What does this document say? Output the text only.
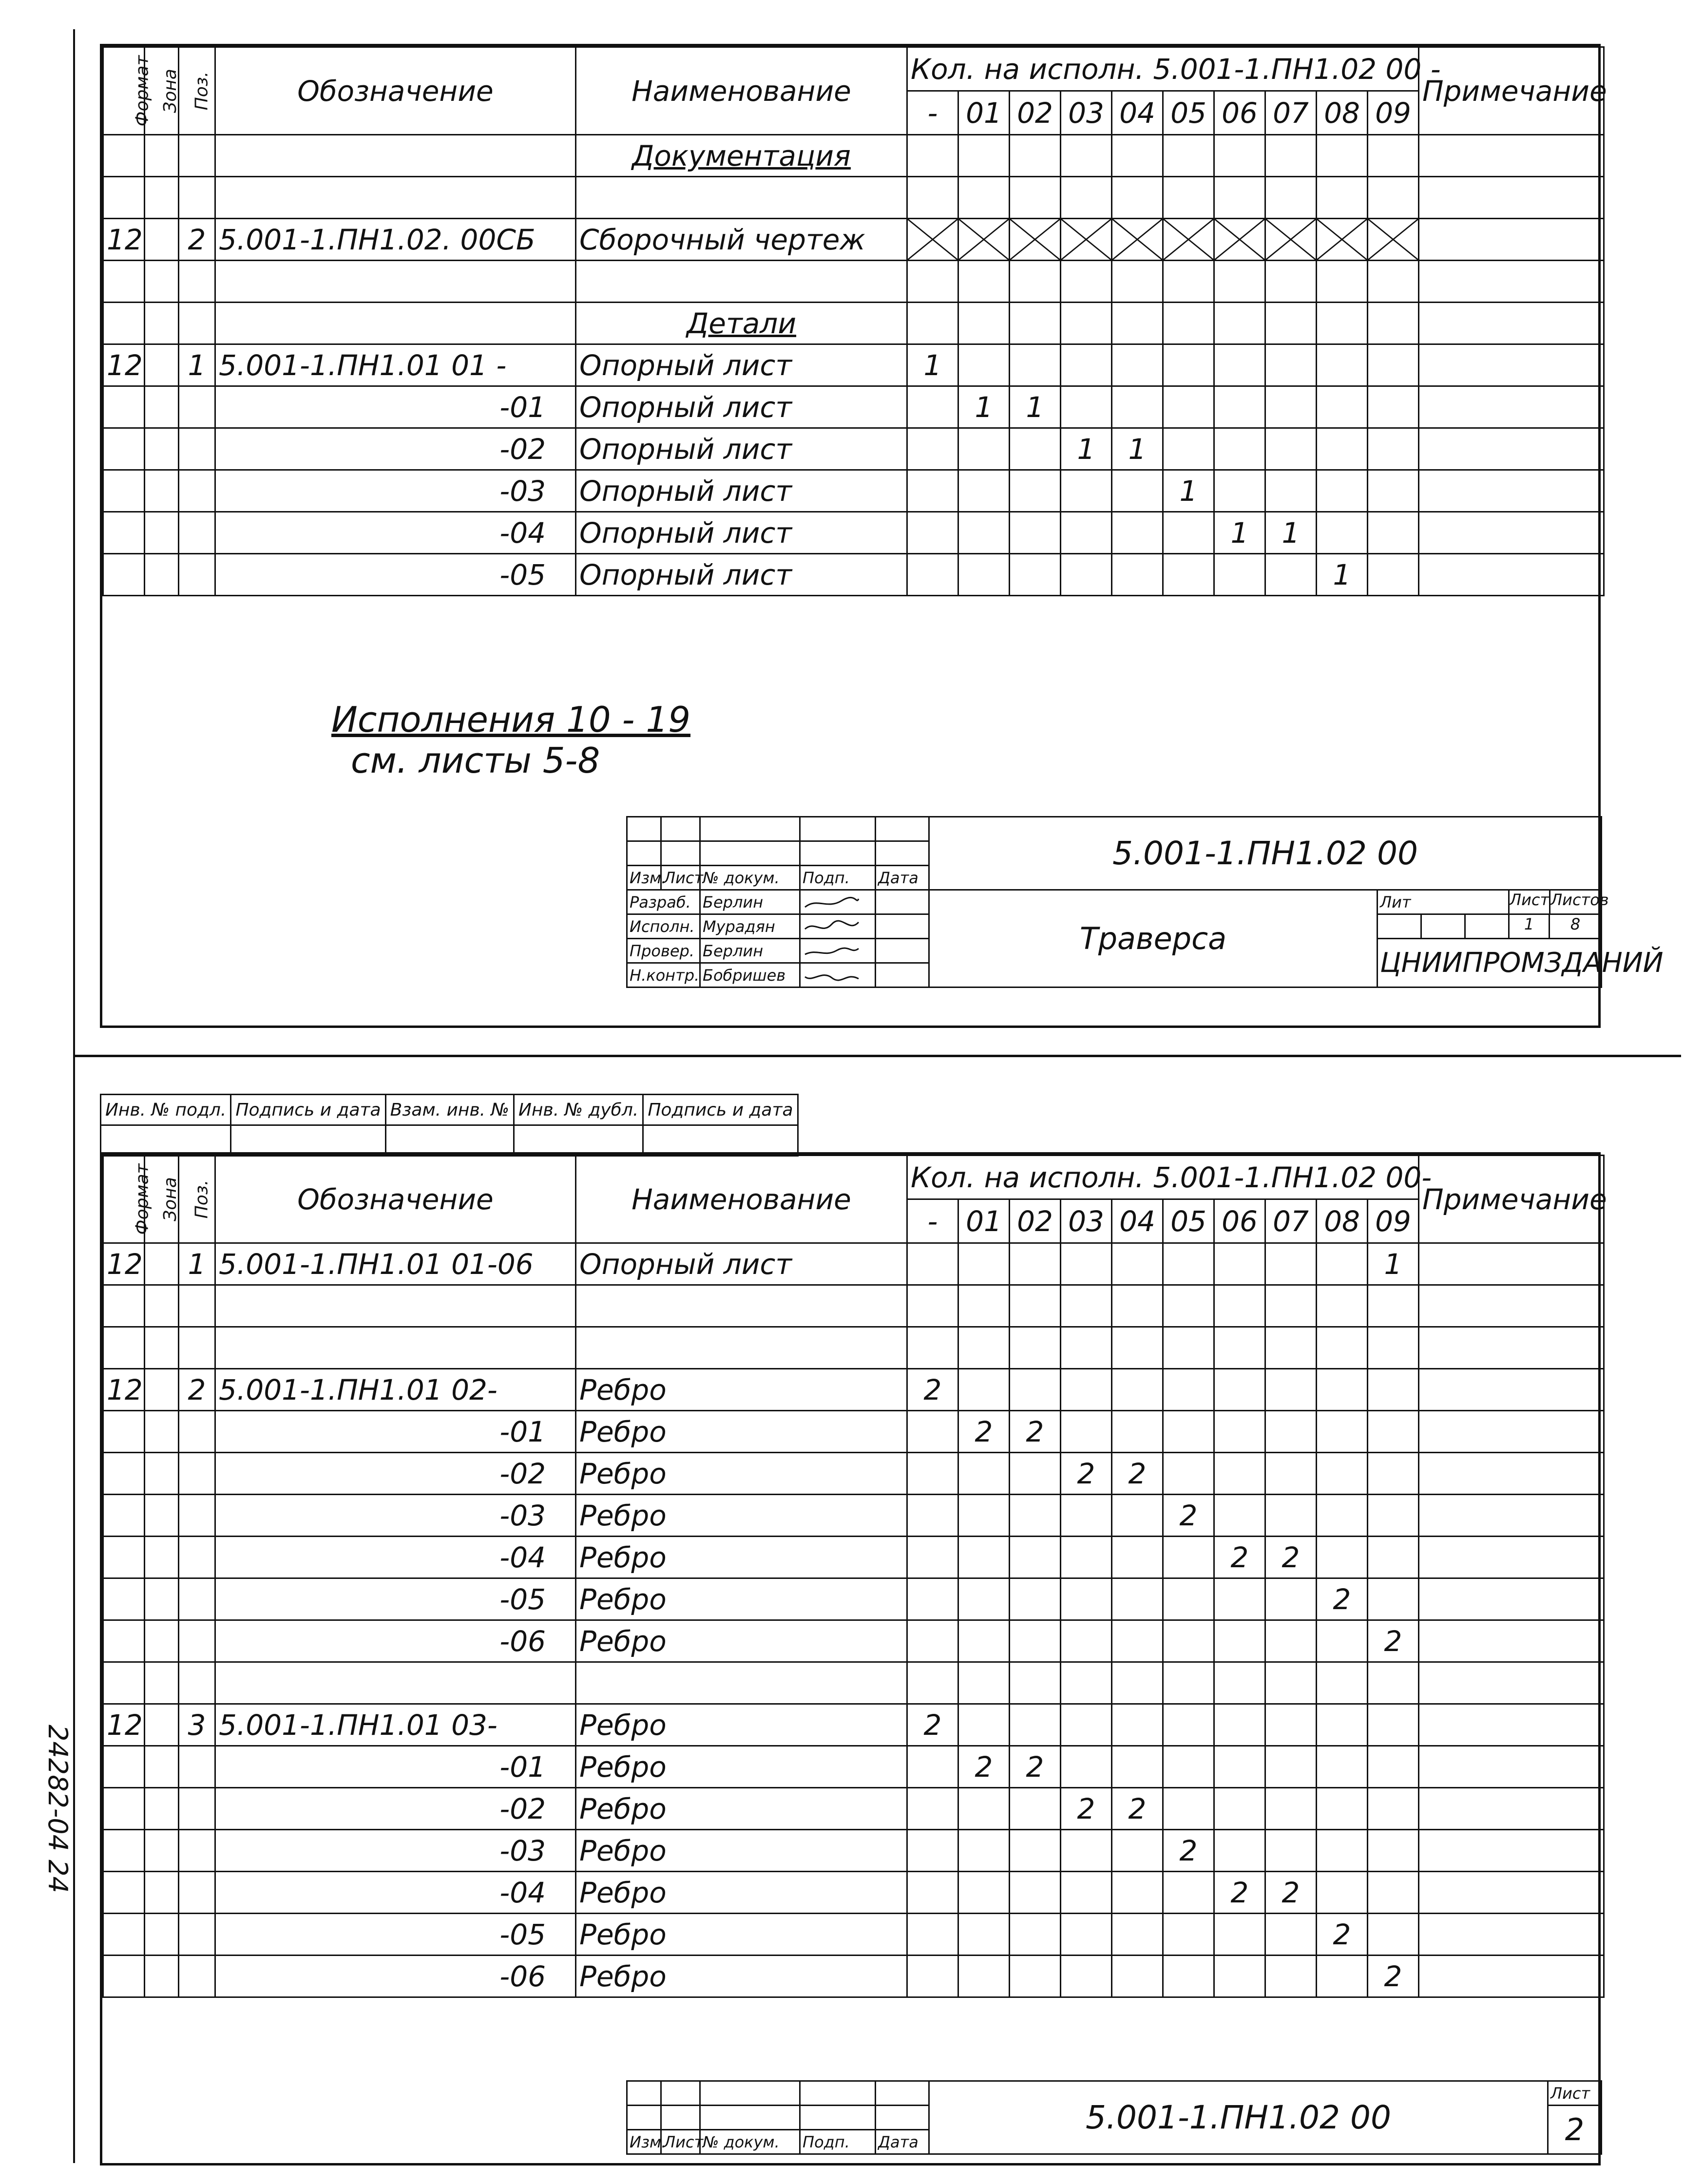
Формат	Зона	Поз.	Обозначение	Наименование	Кол. на исполн. 5.001-1.ПН1.02 00 -										Примечание
					-	01	02	03	04	05	06	07	08	09	
				Документация											

12		2	5.001-1.ПН1.02. 00СБ	Сборочный чертеж	

				Детали											
12		1	5.001-1.ПН1.01 01 -	Опорный лист	1										
			-01	Опорный лист		1	1								
			-02	Опорный лист				1	1						
			-03	Опорный лист						1					
			-04	Опорный лист							1	1			
			-05	Опорный лист									1		
Исполнения 10 - 19
см. листы 5-8
					5.001-1.ПН1.02 00				

Изм.	Лист	№ докум.	Подп.	Дата					
Разраб.		Берлин			Траверса	Лит			Лист Листов

Исполн.		Мурадян							1 8

Провер.		Берлин				ЦНИИПРОМЗДАНИЙ			
Н.контр.		Бобришев		
Инв. № подл.	Подпись и дата	Взам. инв. №	Инв. № дубл.	Подпись и дата

Формат	Зона	Поз.	Обозначение	Наименование	Кол. на исполн. 5.001-1.ПН1.02 00-										Примечание
					-	01	02	03	04	05	06	07	08	09	
12		1	5.001-1.ПН1.01 01-06	Опорный лист										1	

12		2	5.001-1.ПН1.01 02-	Ребро	2										
			-01	Ребро		2	2								
			-02	Ребро				2	2						
			-03	Ребро						2					
			-04	Ребро							2	2			
			-05	Ребро									2		
			-06	Ребро										2	

12		3	5.001-1.ПН1.01 03-	Ребро	2										
			-01	Ребро		2	2								
			-02	Ребро				2	2						
			-03	Ребро						2					
			-04	Ребро							2	2			
			-05	Ребро									2		
			-06	Ребро										2	
					5.001-1.ПН1.02 00	Лист
						2
Изм.	Лист	№ докум.	Подп.	Дата		
24282-04 24
